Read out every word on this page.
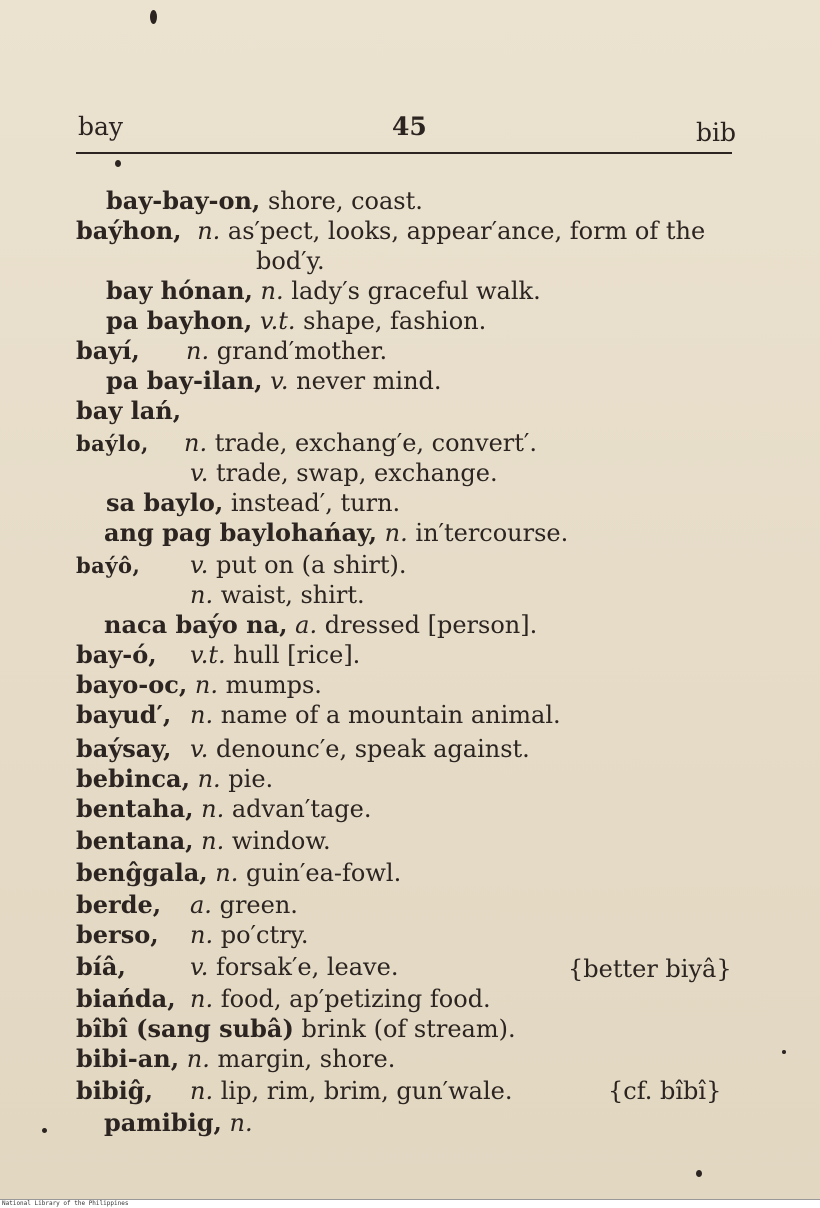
bay	45	bib
bay-bay-on, shore, coast.
baýhon, n. as′pect, looks, appear′ance, form of the
bod′y.
bay hónan, n. lady′s graceful walk.
pa bayhon, v.t. shape, fashion.
bayí, n. grand′mother.
pa bay-ilan, v. never mind.
bay lań,
baýlo, n. trade, exchang′e, convert′.
v. trade, swap, exchange.
sa baylo, instead′, turn.
ang pag baylohańay, n. in′tercourse.
baýô, v. put on (a shirt).
n. waist, shirt.
naca baýo na, a. dressed [person].
bay-ó, v.t. hull [rice].
bayo-oc, n. mumps.
bayud′, n. name of a mountain animal.
baýsay, v. denounc′e, speak against.
bebinca, n. pie.
bentaha, n. advan′tage.
bentana, n. window.
benĝgala, n. guin′ea-fowl.
berde, a. green.
berso, n. po′ctry.
bíâ,	v. forsak′e, leave.	{better biyâ}
biańda, n. food, ap′petizing food.
bîbî (sang subâ) brink (of stream).
bibi-an, n. margin, shore.
bibiĝ, n. lip, rim, brim, gun′wale.	{cf. bîbî}
pamibig, n.
National Library of the Philippines
